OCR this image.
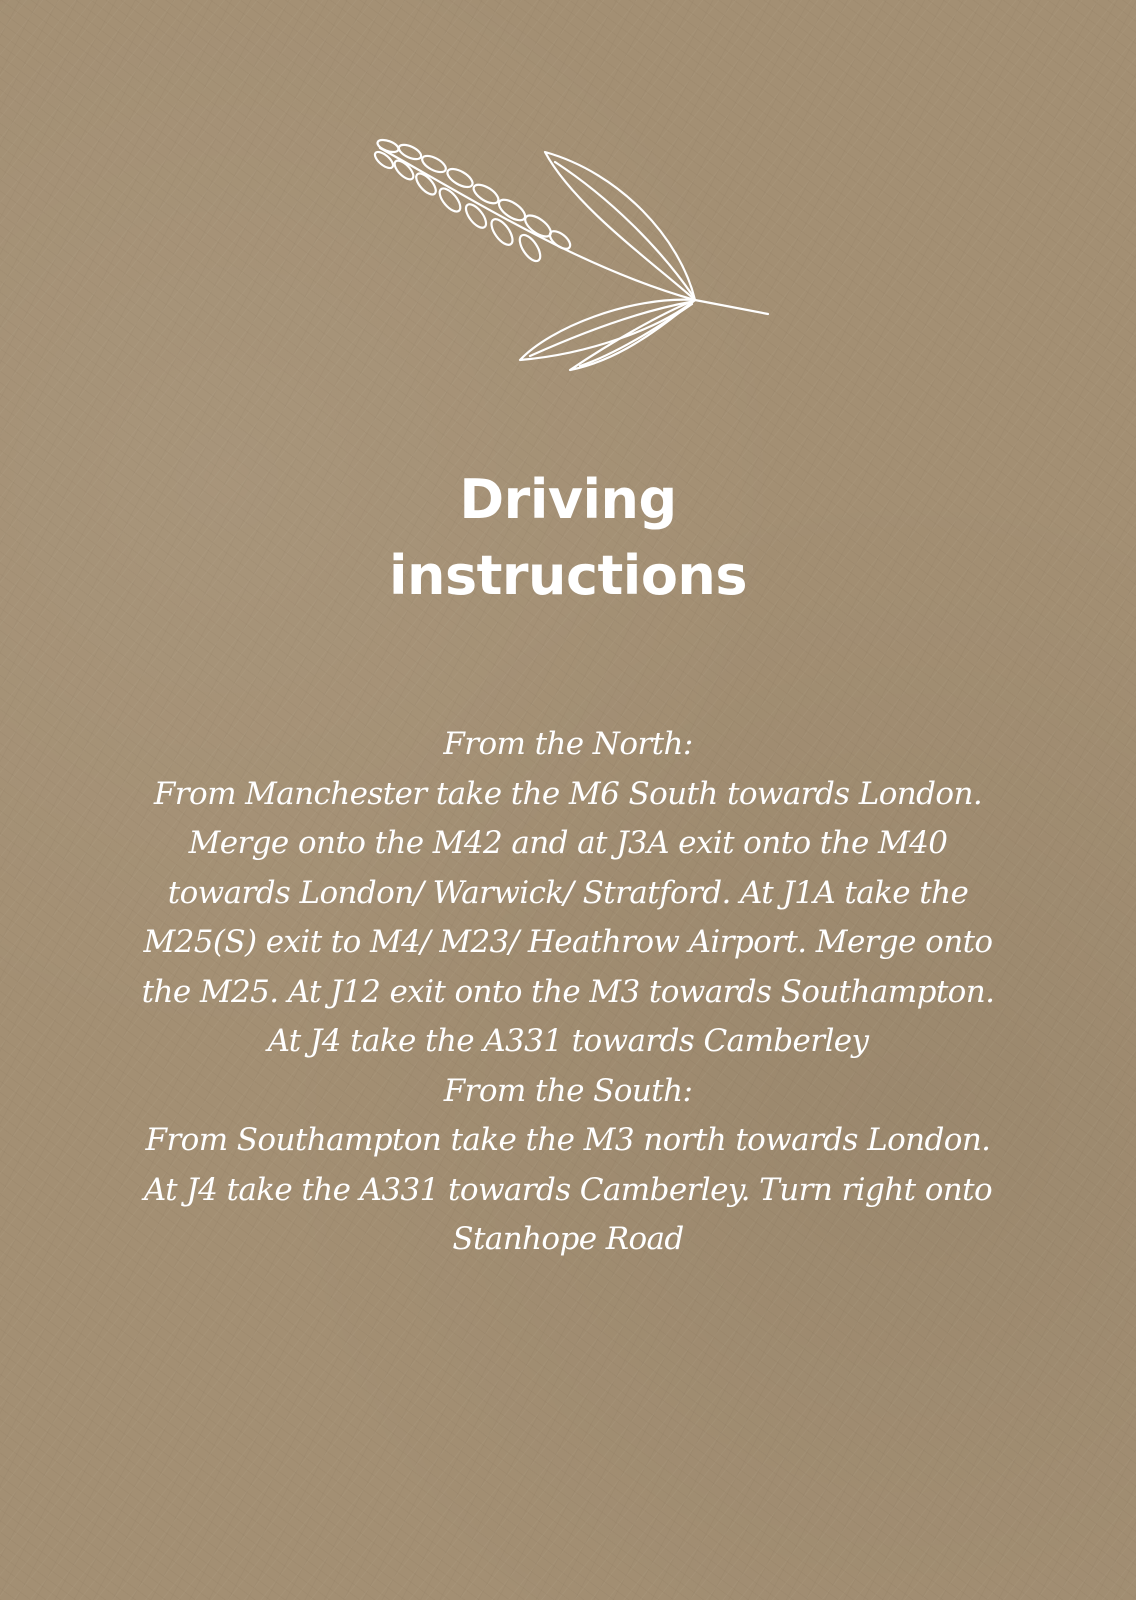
Driving
instructions
From the North:
From Manchester take the M6 South towards London.
Merge onto the M42 and at J3A exit onto the M40
towards London/ Warwick/ Stratford. At J1A take the
M25(S) exit to M4/ M23/ Heathrow Airport. Merge onto
the M25. At J12 exit onto the M3 towards Southampton.
At J4 take the A331 towards Camberley
From the South:
From Southampton take the M3 north towards London.
At J4 take the A331 towards Camberley. Turn right onto
Stanhope Road
